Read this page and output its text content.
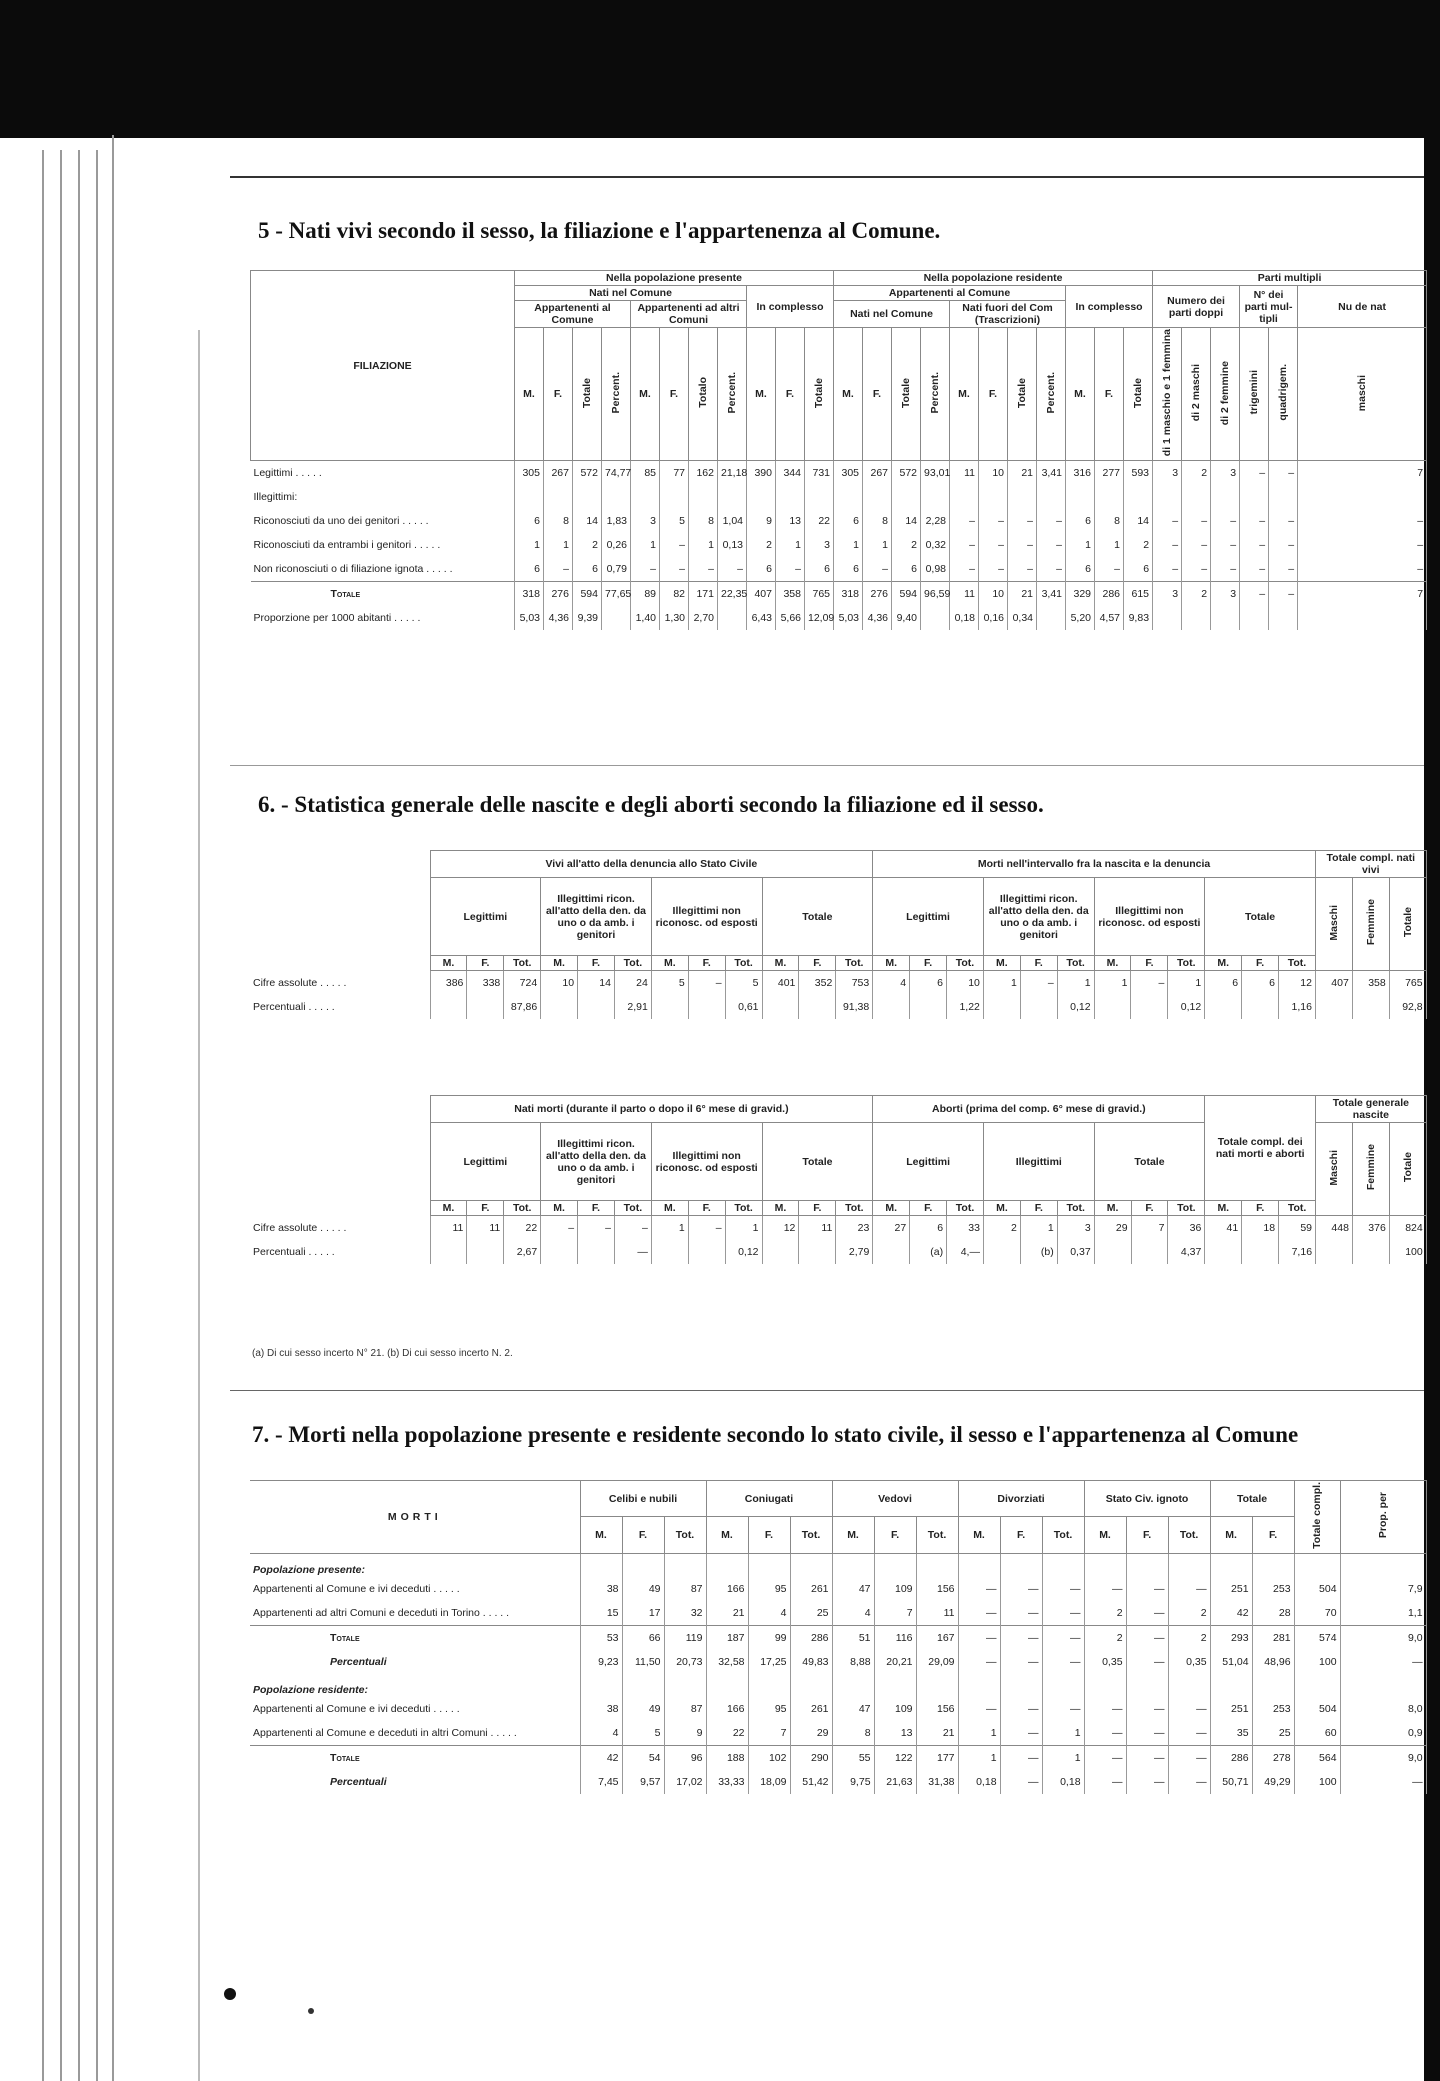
5 - Nati vivi secondo il sesso, la filiazione e l'appartenenza al Comune.
FILIAZIONE	Nella popolazione presente											Nella popolazione residente											Parti multipli					
	Nati nel Comune								In complesso			Appartenenti al Comune								In complesso			Numero dei parti doppi			N° dei parti mul- tipli		Nu de nat
	Appartenenti al Comune				Appartenenti ad altri Comuni							Nati nel Comune				Nati fuori del Com (Trascrizioni)												
	M.	F.	Totale	Percent.	M.	F.	Totalo	Percent.	M.	F.	Totale	M.	F.	Totale	Percent.	M.	F.	Totale	Percent.	M.	F.	Totale	di 1 maschio e 1 femmina	di 2 maschi	di 2 femmine	trigemini	quadrigem.	maschi
Legittimi . . . . .	305	267	572	74,77	85	77	162	21,18	390	344	731	305	267	572	93,01	11	10	21	3,41	316	277	593	3	2	3	–	–	7
Illegittimi:																												
Riconosciuti da uno dei genitori . . . . .	6	8	14	1,83	3	5	8	1,04	9	13	22	6	8	14	2,28	–	–	–	–	6	8	14	–	–	–	–	–	–
Riconosciuti da entrambi i genitori . . . . .	1	1	2	0,26	1	–	1	0,13	2	1	3	1	1	2	0,32	–	–	–	–	1	1	2	–	–	–	–	–	–
Non riconosciuti o di filiazione ignota . . . . .	6	–	6	0,79	–	–	–	–	6	–	6	6	–	6	0,98	–	–	–	–	6	–	6	–	–	–	–	–	–
Totale	318	276	594	77,65	89	82	171	22,35	407	358	765	318	276	594	96,59	11	10	21	3,41	329	286	615	3	2	3	–	–	7
Proporzione per 1000 abitanti . . . . .	5,03	4,36	9,39		1,40	1,30	2,70		6,43	5,66	12,09	5,03	4,36	9,40		0,18	0,16	0,34		5,20	4,57	9,83						
6. - Statistica generale delle nascite e degli aborti secondo la filiazione ed il sesso.
	Vivi all'atto della denuncia allo Stato Civile												Morti nell'intervallo fra la nascita e la denuncia												Totale compl. nati vivi		
	Legittimi			Illegittimi ricon. all'atto della den. da uno o da amb. i genitori			Illegittimi non riconosc. od esposti			Totale			Legittimi			Illegittimi ricon. all'atto della den. da uno o da amb. i genitori			Illegittimi non riconosc. od esposti			Totale			Maschi	Femmine	Totale
	M.	F.	Tot.	M.	F.	Tot.	M.	F.	Tot.	M.	F.	Tot.	M.	F.	Tot.	M.	F.	Tot.	M.	F.	Tot.	M.	F.	Tot.			
Cifre assolute . . . . .	386	338	724	10	14	24	5	–	5	401	352	753	4	6	10	1	–	1	1	–	1	6	6	12	407	358	765
Percentuali . . . . .			87,86			2,91			0,61			91,38			1,22			0,12			0,12			1,16			92,8
	Nati morti (durante il parto o dopo il 6° mese di gravid.)												Aborti (prima del comp. 6° mese di gravid.)									Totale compl. dei nati morti e aborti			Totale generale nascite		
	Legittimi			Illegittimi ricon. all'atto della den. da uno o da amb. i genitori			Illegittimi non riconosc. od esposti			Totale			Legittimi			Illegittimi			Totale						Maschi	Femmine	Totale
	M.	F.	Tot.	M.	F.	Tot.	M.	F.	Tot.	M.	F.	Tot.	M.	F.	Tot.	M.	F.	Tot.	M.	F.	Tot.	M.	F.	Tot.			
Cifre assolute . . . . .	11	11	22	–	–	–	1	–	1	12	11	23	27	6	33	2	1	3	29	7	36	41	18	59	448	376	824
Percentuali . . . . .			2,67			—			0,12			2,79		(a)	4,—		(b)	0,37			4,37			7,16			100
(a) Di cui sesso incerto N° 21. (b) Di cui sesso incerto N. 2.
7. - Morti nella popolazione presente e residente secondo lo stato civile, il sesso e l'appartenenza al Comune
MORTI	Celibi e nubili			Coniugati			Vedovi			Divorziati			Stato Civ. ignoto			Totale		Totale compl.	Prop. per
	M.	F.	Tot.	M.	F.	Tot.	M.	F.	Tot.	M.	F.	Tot.	M.	F.	Tot.	M.	F.		
Popolazione presente:																			
Appartenenti al Comune e ivi deceduti . . . . .	38	49	87	166	95	261	47	109	156	—	—	—	—	—	—	251	253	504	7,9
Appartenenti ad altri Comuni e deceduti in Torino . . . . .	15	17	32	21	4	25	4	7	11	—	—	—	2	—	2	42	28	70	1,1
Totale	53	66	119	187	99	286	51	116	167	—	—	—	2	—	2	293	281	574	9,0
Percentuali	9,23	11,50	20,73	32,58	17,25	49,83	8,88	20,21	29,09	—	—	—	0,35	—	0,35	51,04	48,96	100	—
Popolazione residente:																			
Appartenenti al Comune e ivi deceduti . . . . .	38	49	87	166	95	261	47	109	156	—	—	—	—	—	—	251	253	504	8,0
Appartenenti al Comune e deceduti in altri Comuni . . . . .	4	5	9	22	7	29	8	13	21	1	—	1	—	—	—	35	25	60	0,9
Totale	42	54	96	188	102	290	55	122	177	1	—	1	—	—	—	286	278	564	9,0
Percentuali	7,45	9,57	17,02	33,33	18,09	51,42	9,75	21,63	31,38	0,18	—	0,18	—	—	—	50,71	49,29	100	—
